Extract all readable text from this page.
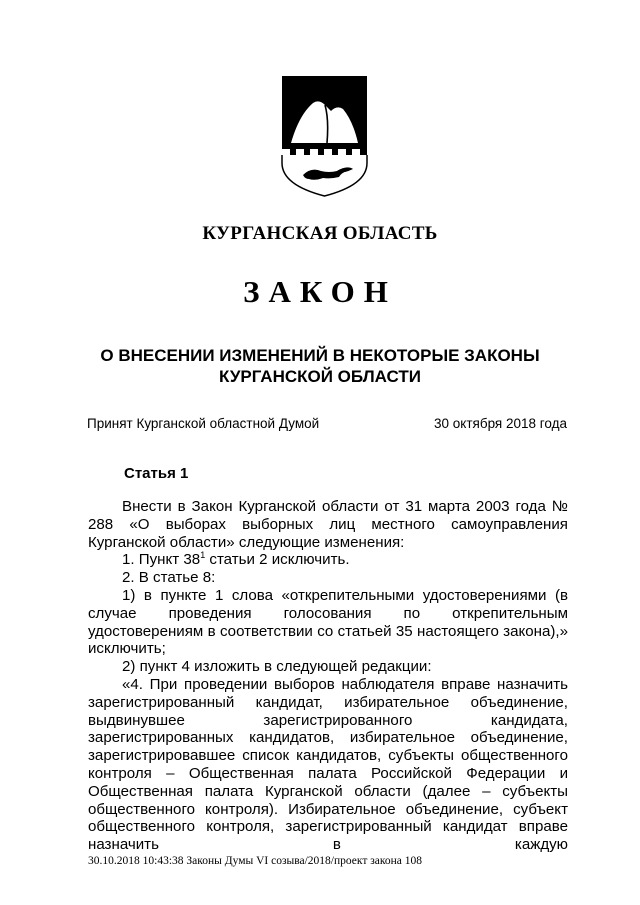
КУРГАНСКАЯ ОБЛАСТЬ
ЗАКОН
О ВНЕСЕНИИ ИЗМЕНЕНИЙ В НЕКОТОРЫЕ ЗАКОНЫ
КУРГАНСКОЙ ОБЛАСТИ
Принят Курганской областной Думой	30 октября 2018 года
Статья 1

Внести в Закон Курганской области от 31 марта 2003 года № 288 «О выборах выборных лиц местного самоуправления Курганской области» следующие изменения:

1. Пункт $38^1$ статьи 2 исключить.

2. В статье 8:

1) в пункте 1 слова «открепительными удостоверениями (в случае проведения голосования по открепительным удостоверениям в соответствии со статьей 35 настоящего закона),» исключить;

2) пункт 4 изложить в следующей редакции:

«4. При проведении выборов наблюдателя вправе назначить зарегистрированный кандидат, избирательное объединение, выдвинувшее зарегистрированного кандидата, зарегистрированных кандидатов, избирательное объединение, зарегистрировавшее список кандидатов, субъекты общественного контроля – Общественная палата Российской Федерации и Общественная палата Курганской области (далее – субъекты общественного контроля). Избирательное объединение, субъект общественного контроля, зарегистрированный кандидат вправе назначить в каждую

30.10.2018 10:43:38 Законы Думы VI созыва/2018/проект закона 108
